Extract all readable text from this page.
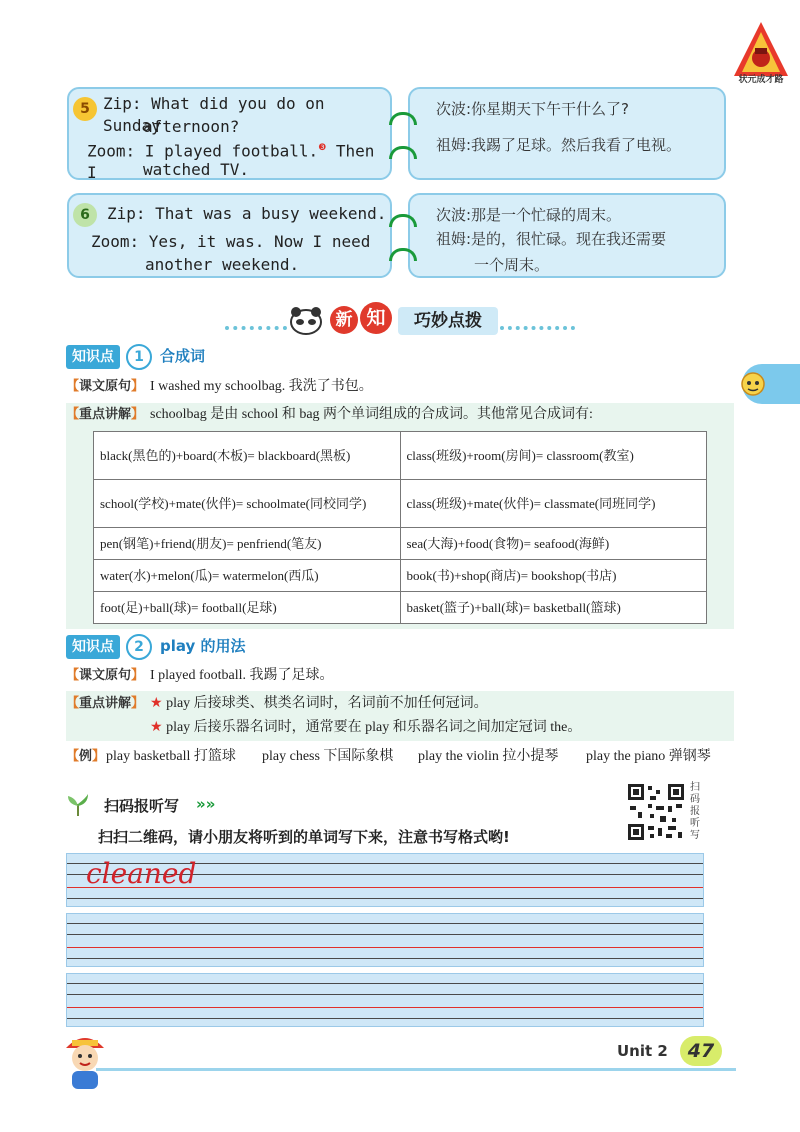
状元成才路
5 Zip: What did you do on Sunday
afternoon?
Zoom: I played football.$^❸$ Then I	watched TV.
次波:你星期天下午干什么了?
祖姆:我踢了足球。然后我看了电视。
6	Zip: That was a busy weekend.
Zoom: Yes, it was. Now I need
another weekend.
次波:那是一个忙碌的周末。
祖姆:是的，很忙碌。现在我还需要
一个周末。
新 知	巧妙点拨
知识点	1	合成词
【课文原句】 I washed my schoolbag. 我洗了书包。
【重点讲解】 schoolbag 是由 school 和 bag 两个单词组成的合成词。其他常见合成词有:
black(黑色的)+board(木板)= blackboard(黑板)	class(班级)+room(房间)= classroom(教室)
school(学校)+mate(伙伴)= schoolmate(同校同学)	class(班级)+mate(伙伴)= classmate(同班同学)
pen(钢笔)+friend(朋友)= penfriend(笔友)	sea(大海)+food(食物)= seafood(海鲜)
water(水)+melon(瓜)= watermelon(西瓜)	book(书)+shop(商店)= bookshop(书店)
foot(足)+ball(球)= football(足球)	basket(篮子)+ball(球)= basketball(篮球)
知识点	2	play 的用法
【课文原句】 I played football. 我踢了足球。
【重点讲解】 ★ play 后接球类、棋类名词时，名词前不加任何冠词。
★ play 后接乐器名词时，通常要在 play 和乐器名词之间加定冠词 the。
【例】 play basketball 打篮球 play chess 下国际象棋 play the violin 拉小提琴 play the piano 弹钢琴
扫码报听写 »»
扫扫二维码，请小朋友将听到的单词写下来，注意书写格式哟!
扫码报听写
cleaned
Unit 2	47
